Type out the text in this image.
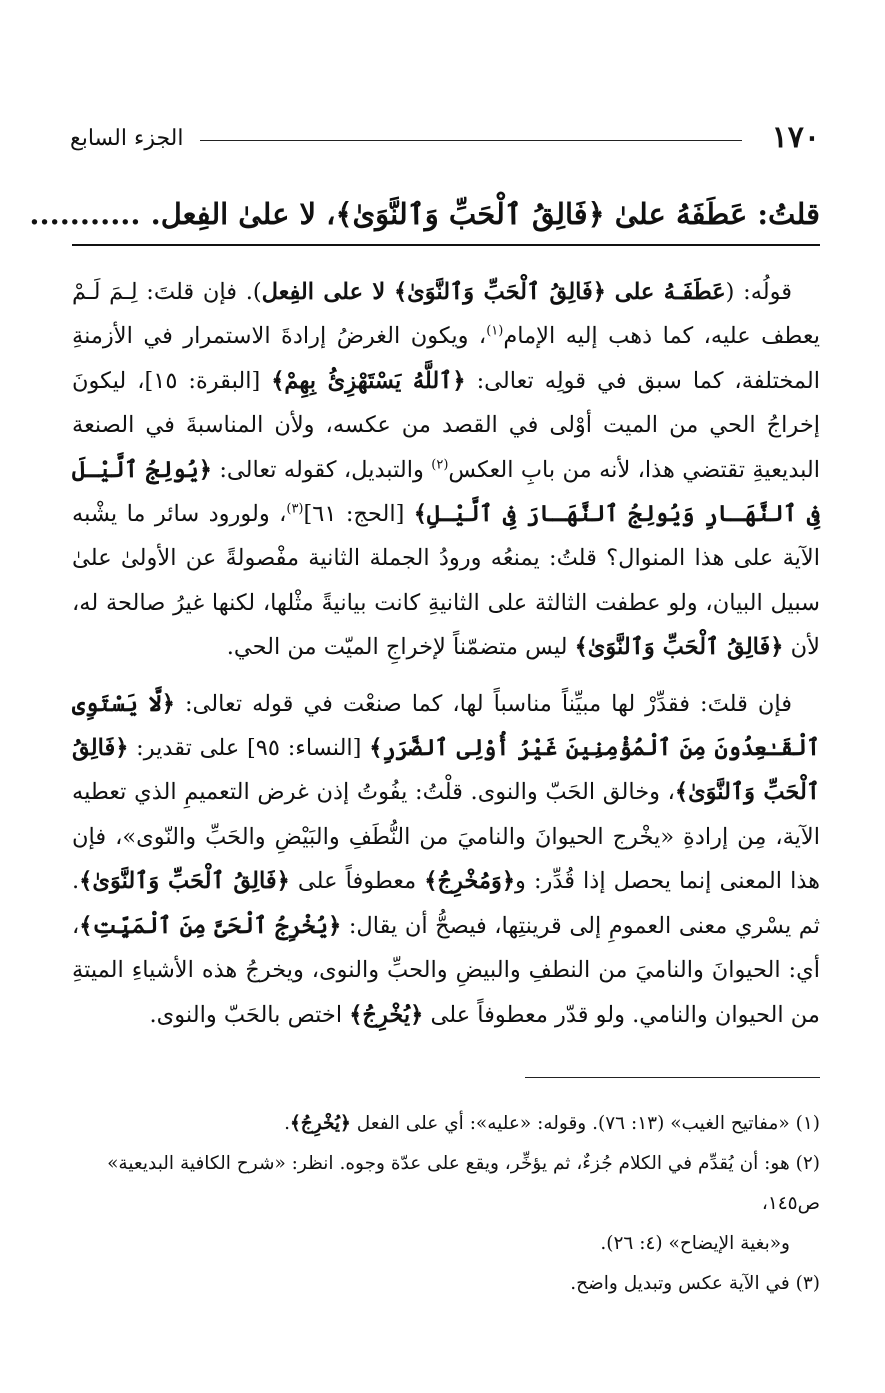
١٧٠
الجزء السابع
قلتُ: عَطَفَهُ علىٰ ﴿فَالِقُ ٱلْحَبِّ وَٱلنَّوَىٰ﴾، لا علىٰ الفِعل. ...........

قولُه: (عَطَفَـهُ على ﴿فَالِقُ ٱلْحَبِّ وَٱلنَّوَىٰ﴾ لا على الفِعل). فإن قلتَ: لِـمَ لَـمْ يعطف عليه، كما ذهب إليه الإمام$^{(١)}$، ويكون الغرضُ إرادةَ الاستمرار في الأزمنةِ المختلفة، كما سبق في قولِه تعالى: ﴿ٱللَّهُ يَسْتَهْزِئُ بِهِمْ﴾ [البقرة: ١٥]، ليكونَ إخراجُ الحي من الميت أوْلى في القصد من عكسه، ولأن المناسبةَ في الصنعة البديعيةِ تقتضي هذا، لأنه من بابِ العكس$^{(٢)}$ والتبديل، كقوله تعالى: ﴿يُولِجُ ٱلَّيْـلَ فِى ٱلنَّهَـارِ وَيُولِجُ ٱلنَّهَـارَ فِى ٱلَّيْـلِ﴾ [الحج: ٦١]$^{(٣)}$، ولورود سائر ما يشْبه الآية على هذا المنوال؟ قلتُ: يمنعُه ورودُ الجملة الثانية مفْصولةً عن الأولىٰ علىٰ سبيل البيان، ولو عطفت الثالثة على الثانيةِ كانت بيانيةً مثْلها، لكنها غيرُ صالحة له، لأن ﴿فَالِقُ ٱلْحَبِّ وَٱلنَّوَىٰ﴾ ليس متضمّناً لإخراجِ الميّت من الحي.

فإن قلتَ: فقدِّرْ لها مبيِّناً مناسباً لها، كما صنعْت في قوله تعالى: ﴿لَّا يَسْتَوِى ٱلْقَـٰعِدُونَ مِنَ ٱلْمُؤْمِنِينَ غَيْرُ أُوْلِى ٱلضَّرَرِ﴾ [النساء: ٩٥] على تقدير: ﴿فَالِقُ ٱلْحَبِّ وَٱلنَّوَىٰ﴾، وخالق الحَبّ والنوى. قلْتُ: يفُوتُ إذن غرض التعميمِ الذي تعطيه الآية، مِن إرادةِ «يخْرج الحيوانَ والناميَ من النُّطَفِ والبَيْضِ والحَبِّ والنّوى»، فإن هذا المعنى إنما يحصل إذا قُدِّر: و﴿وَمُخْرِجُ﴾ معطوفاً على ﴿فَالِقُ ٱلْحَبِّ وَٱلنَّوَىٰ﴾. ثم يسْري معنى العمومِ إلى قرينتِها، فيصحُّ أن يقال: ﴿يُخْرِجُ ٱلْحَىَّ مِنَ ٱلْمَيِّتِ﴾، أي: الحيوانَ والناميَ من النطفِ والبيضِ والحبِّ والنوى، ويخرجُ هذه الأشياءِ الميتةِ من الحيوان والنامي. ولو قدّر معطوفاً على ﴿يُخْرِجُ﴾ اختص بالحَبّ والنوى.

(١) «مفاتيح الغيب» (١٣: ٧٦). وقوله: «عليه»: أي على الفعل ﴿يُخْرِجُ﴾.

(٢) هو: أن يُقدِّم في الكلام جُزءٌ، ثم يؤخِّر، ويقع على عدّة وجوه. انظر: «شرح الكافية البديعية» ص١٤٥،

و«بغية الإيضاح» (٤: ٢٦).

(٣) في الآية عكس وتبديل واضح.
